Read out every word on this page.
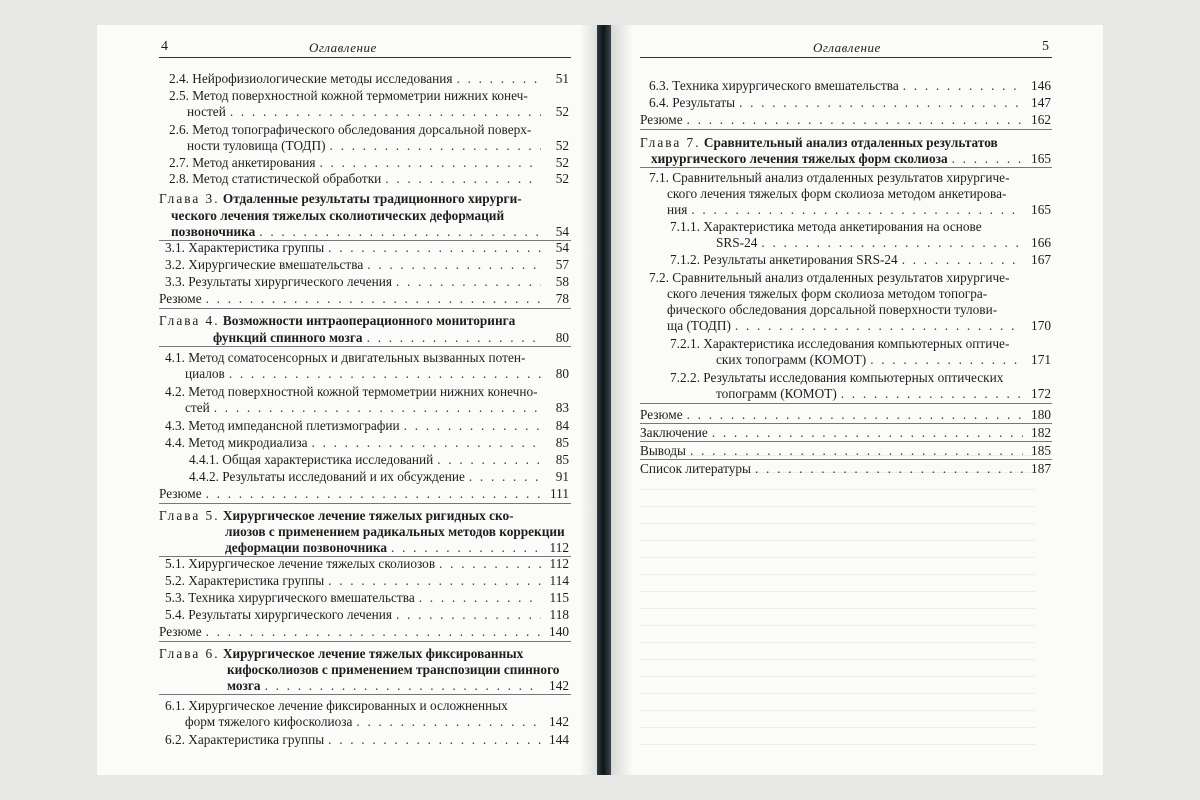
4	Оглавление
2.4. Нейрофизиологические методы исследования . . .	51
2.5. Метод поверхностной кожной термометрии нижних конеч-
ностей . . .	52
2.6. Метод топографического обследования дорсальной поверх-
ности туловища (ТОДП) . . .	52
2.7. Метод анкетирования . . .	52
2.8. Метод статистической обработки . . .	52
Глава 3. Отдаленные результаты традиционного хирурги-
ческого лечения тяжелых сколиотических деформаций
позвоночника . . .	54
3.1. Характеристика группы . . .	54
3.2. Хирургические вмешательства . . .	57
3.3. Результаты хирургического лечения . . .	58
Резюме . . .	78
Глава 4. Возможности интраоперационного мониторинга
функций спинного мозга . . .	80
4.1. Метод соматосенсорных и двигательных вызванных потен-
циалов . . .	80
4.2. Метод поверхностной кожной термометрии нижних конечно-
стей . . .	83
4.3. Метод импедансной плетизмографии . . .	84
4.4. Метод микродиализа . . .	85
4.4.1. Общая характеристика исследований . . .	85
4.4.2. Результаты исследований и их обсуждение . . .	91
Резюме . . .	111
Глава 5. Хирургическое лечение тяжелых ригидных ско-
лиозов с применением радикальных методов коррекции
деформации позвоночника . . .	112
5.1. Хирургическое лечение тяжелых сколиозов . . .	112
5.2. Характеристика группы . . .	114
5.3. Техника хирургического вмешательства . . .	115
5.4. Результаты хирургического лечения . . .	118
Резюме . . .	140
Глава 6. Хирургическое лечение тяжелых фиксированных
кифосколиозов с применением транспозиции спинного
мозга . . .	142
6.1. Хирургическое лечение фиксированных и осложненных
форм тяжелого кифосколиоза . . .	142
6.2. Характеристика группы . . .	144
Оглавление	5
6.3. Техника хирургического вмешательства . . .	146
6.4. Результаты . . .	147
Резюме . . .	162
Глава 7. Сравнительный анализ отдаленных результатов
хирургического лечения тяжелых форм сколиоза . . .	165
7.1. Сравнительный анализ отдаленных результатов хирургиче-
ского лечения тяжелых форм сколиоза методом анкетирова-
ния . . .	165
7.1.1. Характеристика метода анкетирования на основе
SRS-24 . . .	166
7.1.2. Результаты анкетирования SRS-24 . . .	167
7.2. Сравнительный анализ отдаленных результатов хирургиче-
ского лечения тяжелых форм сколиоза методом топогра-
фического обследования дорсальной поверхности тулови-
ща (ТОДП) . . .	170
7.2.1. Характеристика исследования компьютерных оптиче-
ских топограмм (КОМОТ) . . .	171
7.2.2. Результаты исследования компьютерных оптических
топограмм (КОМОТ) . . .	172
Резюме . . .	180
Заключение . . .	182
Выводы . . .	185
Список литературы . . .	187
